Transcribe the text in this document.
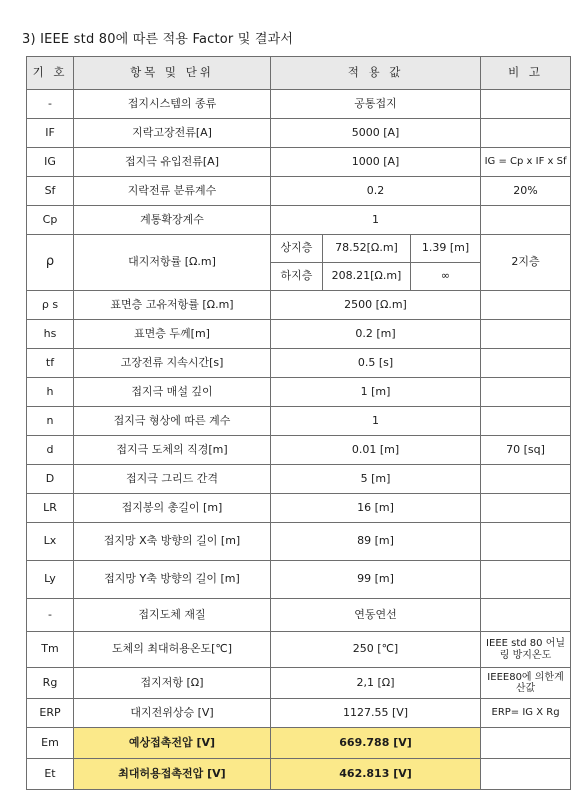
3) IEEE std 80에 따른 적용 Factor 및 결과서
기 호	항목 및 단위	적 용 값			비 고
-	접지시스템의 종류	공통접지			
IF	지락고장전류[A]	5000 [A]			
IG	접지극 유입전류[A]	1000 [A]			IG = Cp x IF x Sf
Sf	지락전류 분류계수	0.2			20%
Cp	계통확장계수	1			
ρ	대지저항률 [Ω.m]	상지층	78.52[Ω.m]	1.39 [m]	2지층
		하지층	208.21[Ω.m]	∞	
ρ s	표면층 고유저항률 [Ω.m]	2500 [Ω.m]			
hs	표면층 두께[m]	0.2 [m]			
tf	고장전류 지속시간[s]	0.5 [s]			
h	접지극 매설 깊이	1 [m]			
n	접지극 형상에 따른 계수	1			
d	접지극 도체의 직경[m]	0.01 [m]			70 [sq]
D	접지극 그리드 간격	5 [m]			
LR	접지봉의 총길이 [m]	16 [m]			
Lx	접지망 X축 방향의 길이 [m]	89 [m]			
Ly	접지망 Y축 방향의 길이 [m]	99 [m]			
-	접지도체 재질	연동연선			
Tm	도체의 최대허용온도[℃]	250 [℃]			IEEE std 80 어닐링 방지온도
Rg	접지저항 [Ω]	2,1 [Ω]			IEEE80에 의한계산값
ERP	대지전위상승 [V]	1127.55 [V]			ERP= IG X Rg
Em	예상접촉전압 [V]	669.788 [V]			
Et	최대허용접촉전압 [V]	462.813 [V]			
